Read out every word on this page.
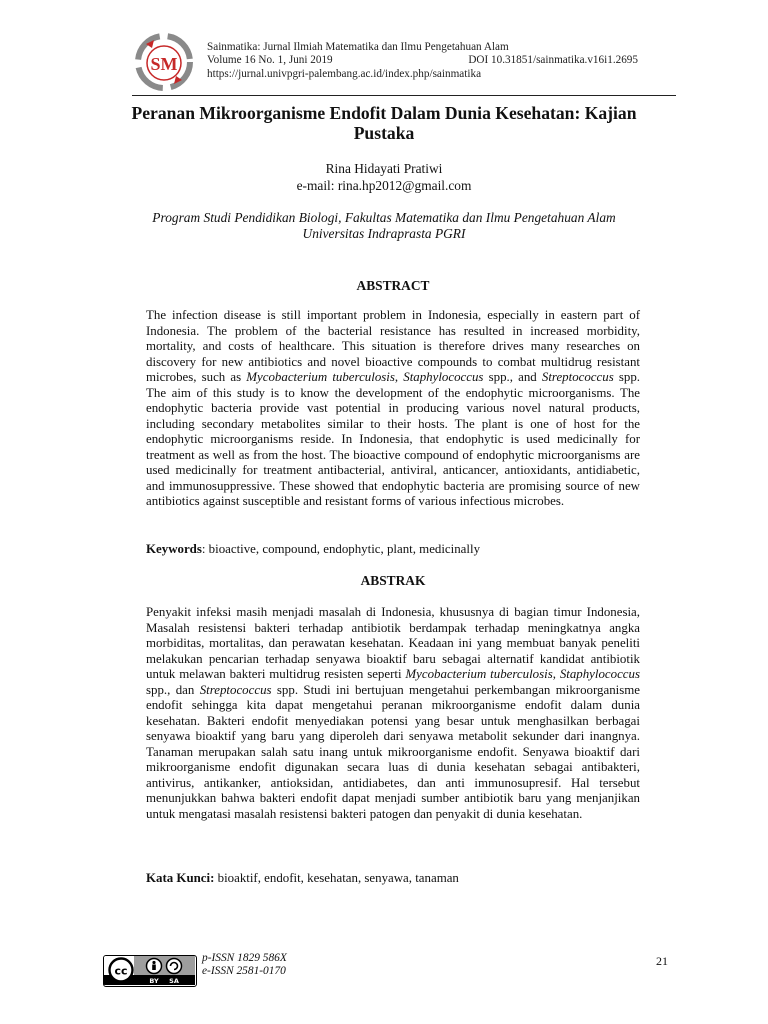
SM
Sainmatika: Jurnal Ilmiah Matematika dan Ilmu Pengetahuan Alam
Volume 16 No. 1, Juni 2019	DOI 10.31851/sainmatika.v16i1.2695
https://jurnal.univpgri-palembang.ac.id/index.php/sainmatika
Peranan Mikroorganisme Endofit Dalam Dunia Kesehatan: Kajian Pustaka
Rina Hidayati Pratiwi
e-mail: rina.hp2012@gmail.com
Program Studi Pendidikan Biologi, Fakultas Matematika dan Ilmu Pengetahuan Alam
Universitas Indraprasta PGRI
ABSTRACT
The infection disease is still important problem in Indonesia, especially in eastern part of Indonesia. The problem of the bacterial resistance has resulted in increased morbidity, mortality, and costs of healthcare. This situation is therefore drives many researches on discovery for new antibiotics and novel bioactive compounds to combat multidrug resistant microbes, such as Mycobacterium tuberculosis, Staphylococcus spp., and Streptococcus spp. The aim of this study is to know the development of the endophytic microorganisms. The endophytic bacteria provide vast potential in producing various novel natural products, including secondary metabolites similar to their hosts. The plant is one of host for the endophytic microorganisms reside. In Indonesia, that endophytic is used medicinally for treatment as well as from the host. The bioactive compound of endophytic microorganisms are used medicinally for treatment antibacterial, antiviral, anticancer, antioxidants, antidiabetic, and immunosuppressive. These showed that endophytic bacteria are promising source of new antibiotics against susceptible and resistant forms of various infectious microbes.
Keywords: bioactive, compound, endophytic, plant, medicinally
ABSTRAK
Penyakit infeksi masih menjadi masalah di Indonesia, khususnya di bagian timur Indonesia, Masalah resistensi bakteri terhadap antibiotik berdampak terhadap meningkatnya angka morbiditas, mortalitas, dan perawatan kesehatan. Keadaan ini yang membuat banyak peneliti melakukan pencarian terhadap senyawa bioaktif baru sebagai alternatif kandidat antibiotik untuk melawan bakteri multidrug resisten seperti Mycobacterium tuberculosis, Staphylococcus spp., dan Streptococcus spp. Studi ini bertujuan mengetahui perkembangan mikroorganisme endofit sehingga kita dapat mengetahui peranan mikroorganisme endofit dalam dunia kesehatan. Bakteri endofit menyediakan potensi yang besar untuk menghasilkan berbagai senyawa bioaktif yang baru yang diperoleh dari senyawa metabolit sekunder dari inangnya. Tanaman merupakan salah satu inang untuk mikroorganisme endofit. Senyawa bioaktif dari mikroorganisme endofit digunakan secara luas di dunia kesehatan sebagai antibakteri, antivirus, antikanker, antioksidan, antidiabetes, dan anti immunosupresif. Hal tersebut menunjukkan bahwa bakteri endofit dapat menjadi sumber antibiotik baru yang menjanjikan untuk mengatasi masalah resistensi bakteri patogen dan penyakit di dunia kesehatan.
Kata Kunci: bioaktif, endofit, kesehatan, senyawa, tanaman
cc
BY SA
p-ISSN 1829 586X
e-ISSN 2581-0170
21
